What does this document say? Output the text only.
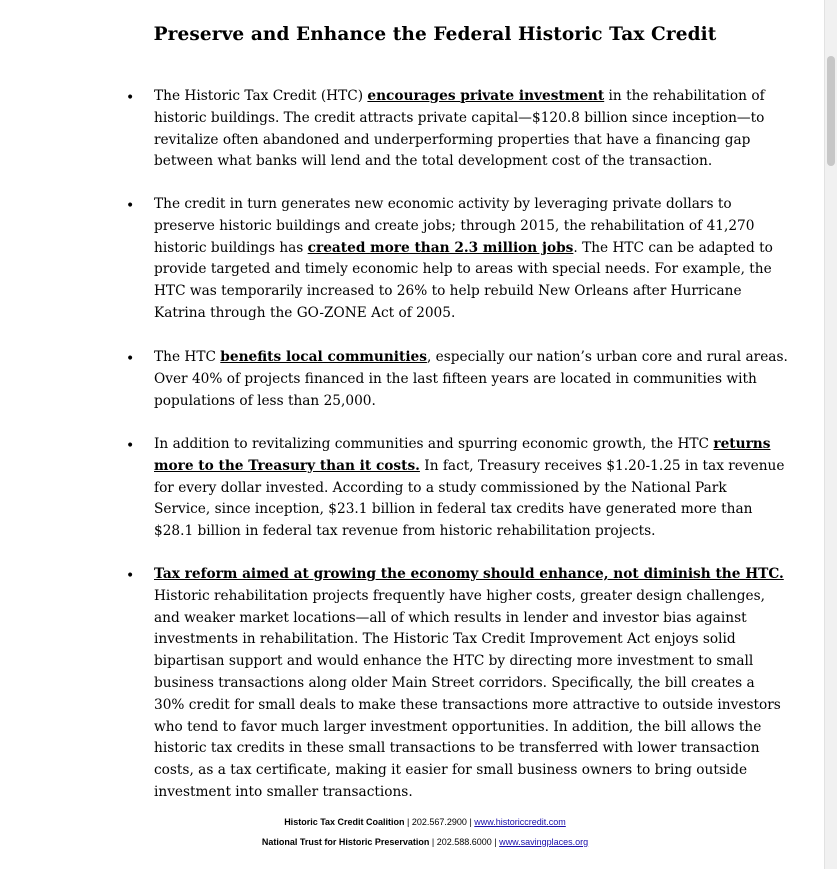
Preserve and Enhance the Federal Historic Tax Credit
•	The Historic Tax Credit (HTC) encourages private investment in the rehabilitation of
historic buildings. The credit attracts private capital—$120.8 billion since inception—to
revitalize often abandoned and underperforming properties that have a financing gap
between what banks will lend and the total development cost of the transaction.

•	The credit in turn generates new economic activity by leveraging private dollars to
preserve historic buildings and create jobs; through 2015, the rehabilitation of 41,270
historic buildings has created more than 2.3 million jobs. The HTC can be adapted to
provide targeted and timely economic help to areas with special needs. For example, the
HTC was temporarily increased to 26% to help rebuild New Orleans after Hurricane
Katrina through the GO-ZONE Act of 2005.

•	The HTC benefits local communities, especially our nation’s urban core and rural areas.
Over 40% of projects financed in the last fifteen years are located in communities with
populations of less than 25,000.

•	In addition to revitalizing communities and spurring economic growth, the HTC returns
more to the Treasury than it costs. In fact, Treasury receives $1.20-1.25 in tax revenue
for every dollar invested. According to a study commissioned by the National Park
Service, since inception, $23.1 billion in federal tax credits have generated more than
$28.1 billion in federal tax revenue from historic rehabilitation projects.

•	Tax reform aimed at growing the economy should enhance, not diminish the HTC.
Historic rehabilitation projects frequently have higher costs, greater design challenges,
and weaker market locations—all of which results in lender and investor bias against
investments in rehabilitation. The Historic Tax Credit Improvement Act enjoys solid
bipartisan support and would enhance the HTC by directing more investment to small
business transactions along older Main Street corridors. Specifically, the bill creates a
30% credit for small deals to make these transactions more attractive to outside investors
who tend to favor much larger investment opportunities. In addition, the bill allows the
historic tax credits in these small transactions to be transferred with lower transaction
costs, as a tax certificate, making it easier for small business owners to bring outside
investment into smaller transactions.

Historic Tax Credit Coalition | 202.567.2900 | www.historiccredit.com
National Trust for Historic Preservation | 202.588.6000 | www.savingplaces.org
